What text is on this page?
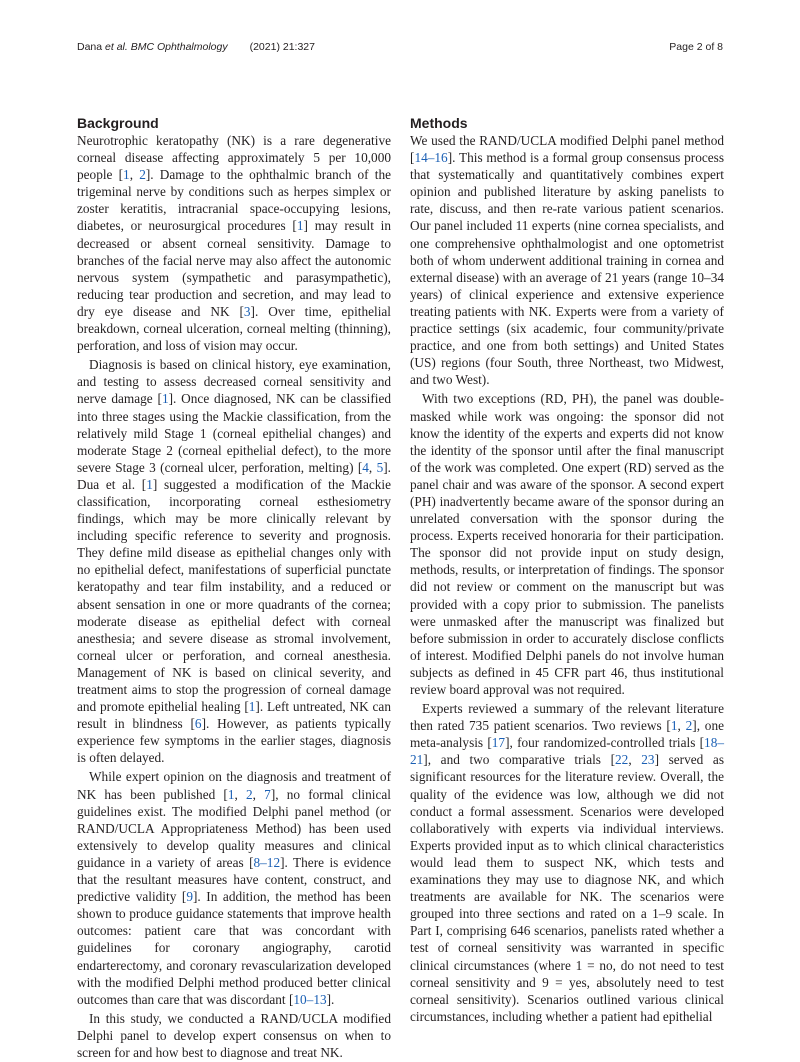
Dana et al. BMC Ophthalmology (2021) 21:327	Page 2 of 8
Background

Neurotrophic keratopathy (NK) is a rare degenerative corneal disease affecting approximately 5 per 10,000 people [1, 2]. Damage to the ophthalmic branch of the trigeminal nerve by conditions such as herpes simplex or zoster keratitis, intracranial space-occupying lesions, diabetes, or neurosurgical procedures [1] may result in decreased or absent corneal sensitivity. Damage to branches of the facial nerve may also affect the autonomic nervous system (sympathetic and parasympathetic), reducing tear production and secretion, and may lead to dry eye disease and NK [3]. Over time, epithelial breakdown, corneal ulceration, corneal melting (thinning), perforation, and loss of vision may occur.

Diagnosis is based on clinical history, eye examination, and testing to assess decreased corneal sensitivity and nerve damage [1]. Once diagnosed, NK can be classified into three stages using the Mackie classification, from the relatively mild Stage 1 (corneal epithelial changes) and moderate Stage 2 (corneal epithelial defect), to the more severe Stage 3 (corneal ulcer, perforation, melting) [4, 5]. Dua et al. [1] suggested a modification of the Mackie classification, incorporating corneal esthesiometry findings, which may be more clinically relevant by including specific reference to severity and prognosis. They define mild disease as epithelial changes only with no epithelial defect, manifestations of superficial punctate keratopathy and tear film instability, and a reduced or absent sensation in one or more quadrants of the cornea; moderate disease as epithelial defect with corneal anesthesia; and severe disease as stromal involvement, corneal ulcer or perforation, and corneal anesthesia. Management of NK is based on clinical severity, and treatment aims to stop the progression of corneal damage and promote epithelial healing [1]. Left untreated, NK can result in blindness [6]. However, as patients typically experience few symptoms in the earlier stages, diagnosis is often delayed.

While expert opinion on the diagnosis and treatment of NK has been published [1, 2, 7], no formal clinical guidelines exist. The modified Delphi panel method (or RAND/UCLA Appropriateness Method) has been used extensively to develop quality measures and clinical guidance in a variety of areas [8–12]. There is evidence that the resultant measures have content, construct, and predictive validity [9]. In addition, the method has been shown to produce guidance statements that improve health outcomes: patient care that was concordant with guidelines for coronary angiography, carotid endarterectomy, and coronary revascularization developed with the modified Delphi method produced better clinical outcomes than care that was discordant [10–13].

In this study, we conducted a RAND/UCLA modified Delphi panel to develop expert consensus on when to screen for and how best to diagnose and treat NK.

Methods

We used the RAND/UCLA modified Delphi panel method [14–16]. This method is a formal group consensus process that systematically and quantitatively combines expert opinion and published literature by asking panelists to rate, discuss, and then re-rate various patient scenarios. Our panel included 11 experts (nine cornea specialists, and one comprehensive ophthalmologist and one optometrist both of whom underwent additional training in cornea and external disease) with an average of 21 years (range 10–34 years) of clinical experience and extensive experience treating patients with NK. Experts were from a variety of practice settings (six academic, four community/private practice, and one from both settings) and United States (US) regions (four South, three Northeast, two Midwest, and two West).

With two exceptions (RD, PH), the panel was double-masked while work was ongoing: the sponsor did not know the identity of the experts and experts did not know the identity of the sponsor until after the final manuscript of the work was completed. One expert (RD) served as the panel chair and was aware of the sponsor. A second expert (PH) inadvertently became aware of the sponsor during an unrelated conversation with the sponsor during the process. Experts received honoraria for their participation. The sponsor did not provide input on study design, methods, results, or interpretation of findings. The sponsor did not review or comment on the manuscript but was provided with a copy prior to submission. The panelists were unmasked after the manuscript was finalized but before submission in order to accurately disclose conflicts of interest. Modified Delphi panels do not involve human subjects as defined in 45 CFR part 46, thus institutional review board approval was not required.

Experts reviewed a summary of the relevant literature then rated 735 patient scenarios. Two reviews [1, 2], one meta-analysis [17], four randomized-controlled trials [18–21], and two comparative trials [22, 23] served as significant resources for the literature review. Overall, the quality of the evidence was low, although we did not conduct a formal assessment. Scenarios were developed collaboratively with experts via individual interviews. Experts provided input as to which clinical characteristics would lead them to suspect NK, which tests and examinations they may use to diagnose NK, and which treatments are available for NK. The scenarios were grouped into three sections and rated on a 1–9 scale. In Part I, comprising 646 scenarios, panelists rated whether a test of corneal sensitivity was warranted in specific clinical circumstances (where 1 = no, do not need to test corneal sensitivity and 9 = yes, absolutely need to test corneal sensitivity). Scenarios outlined various clinical circumstances, including whether a patient had epithelial
